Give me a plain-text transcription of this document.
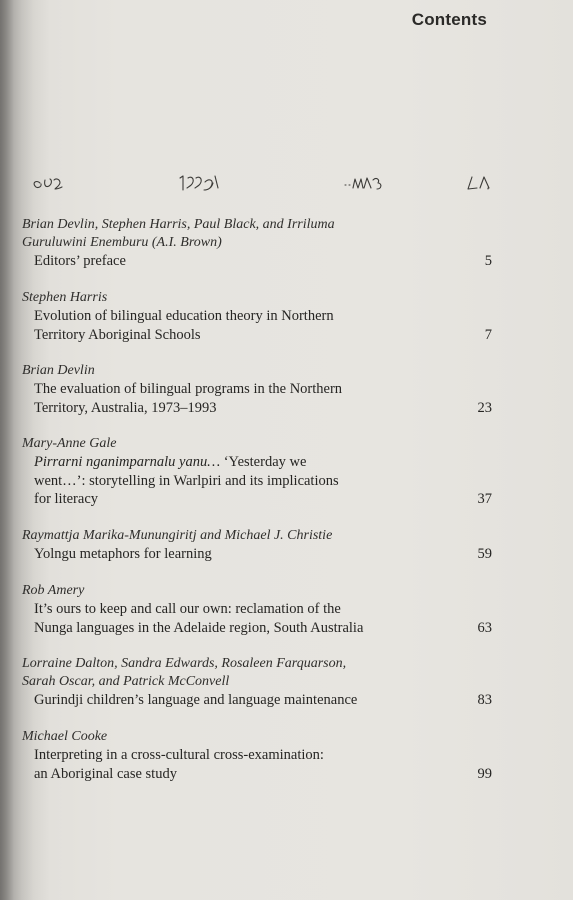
Contents
Brian Devlin, Stephen Harris, Paul Black, and Irriluma
Guruluwini Enemburu (A.I. Brown)
Editors’ preface	5
Stephen Harris
Evolution of bilingual education theory in Northern
Territory Aboriginal Schools	7
Brian Devlin
The evaluation of bilingual programs in the Northern
Territory, Australia, 1973–1993	23
Mary-Anne Gale
Pirrarni nganimparnalu yanu… ‘Yesterday we
went…’: storytelling in Warlpiri and its implications
for literacy	37
Raymattja Marika-Munungiritj and Michael J. Christie
Yolngu metaphors for learning	59
Rob Amery
It’s ours to keep and call our own: reclamation of the
Nunga languages in the Adelaide region, South Australia	63
Lorraine Dalton, Sandra Edwards, Rosaleen Farquarson,
Sarah Oscar, and Patrick McConvell
Gurindji children’s language and language maintenance	83
Michael Cooke
Interpreting in a cross-cultural cross-examination:
an Aboriginal case study	99
